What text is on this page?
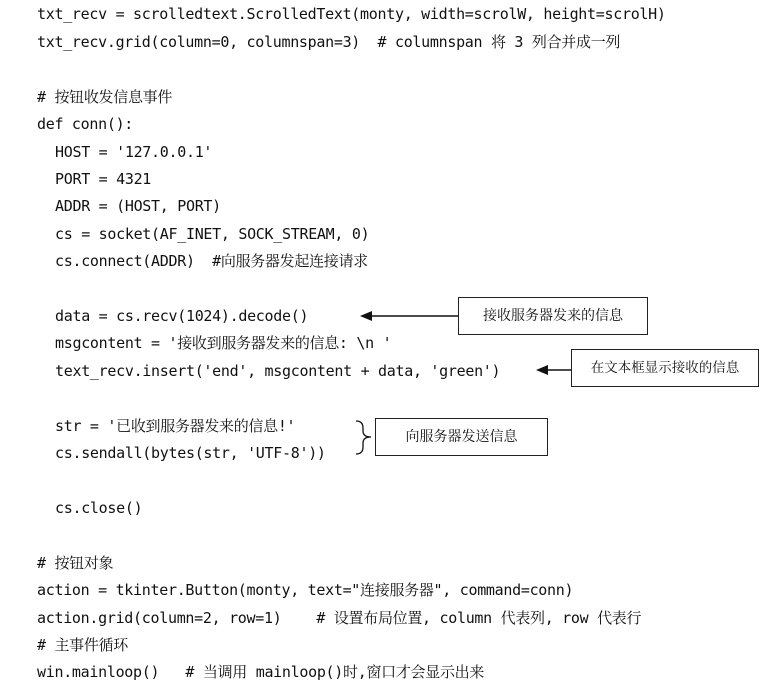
txt_recv = scrolledtext.ScrolledText(monty, width=scrolW, height=scrolH)
txt_recv.grid(column=0, columnspan=3)  # columnspan 将 3 列合并成一列
# 按钮收发信息事件
def conn():
HOST = '127.0.0.1'
PORT = 4321
ADDR = (HOST, PORT)
cs = socket(AF_INET, SOCK_STREAM, 0)
cs.connect(ADDR)  #向服务器发起连接请求
data = cs.recv(1024).decode()
msgcontent = '接收到服务器发来的信息: \n '
text_recv.insert('end', msgcontent + data, 'green')
str = '已收到服务器发来的信息!'
cs.sendall(bytes(str, 'UTF-8'))
cs.close()
# 按钮对象
action = tkinter.Button(monty, text="连接服务器", command=conn)
action.grid(column=2, row=1)    # 设置布局位置, column 代表列, row 代表行
# 主事件循环
win.mainloop()   # 当调用 mainloop()时,窗口才会显示出来
接收服务器发来的信息
在文本框显示接收的信息
向服务器发送信息
